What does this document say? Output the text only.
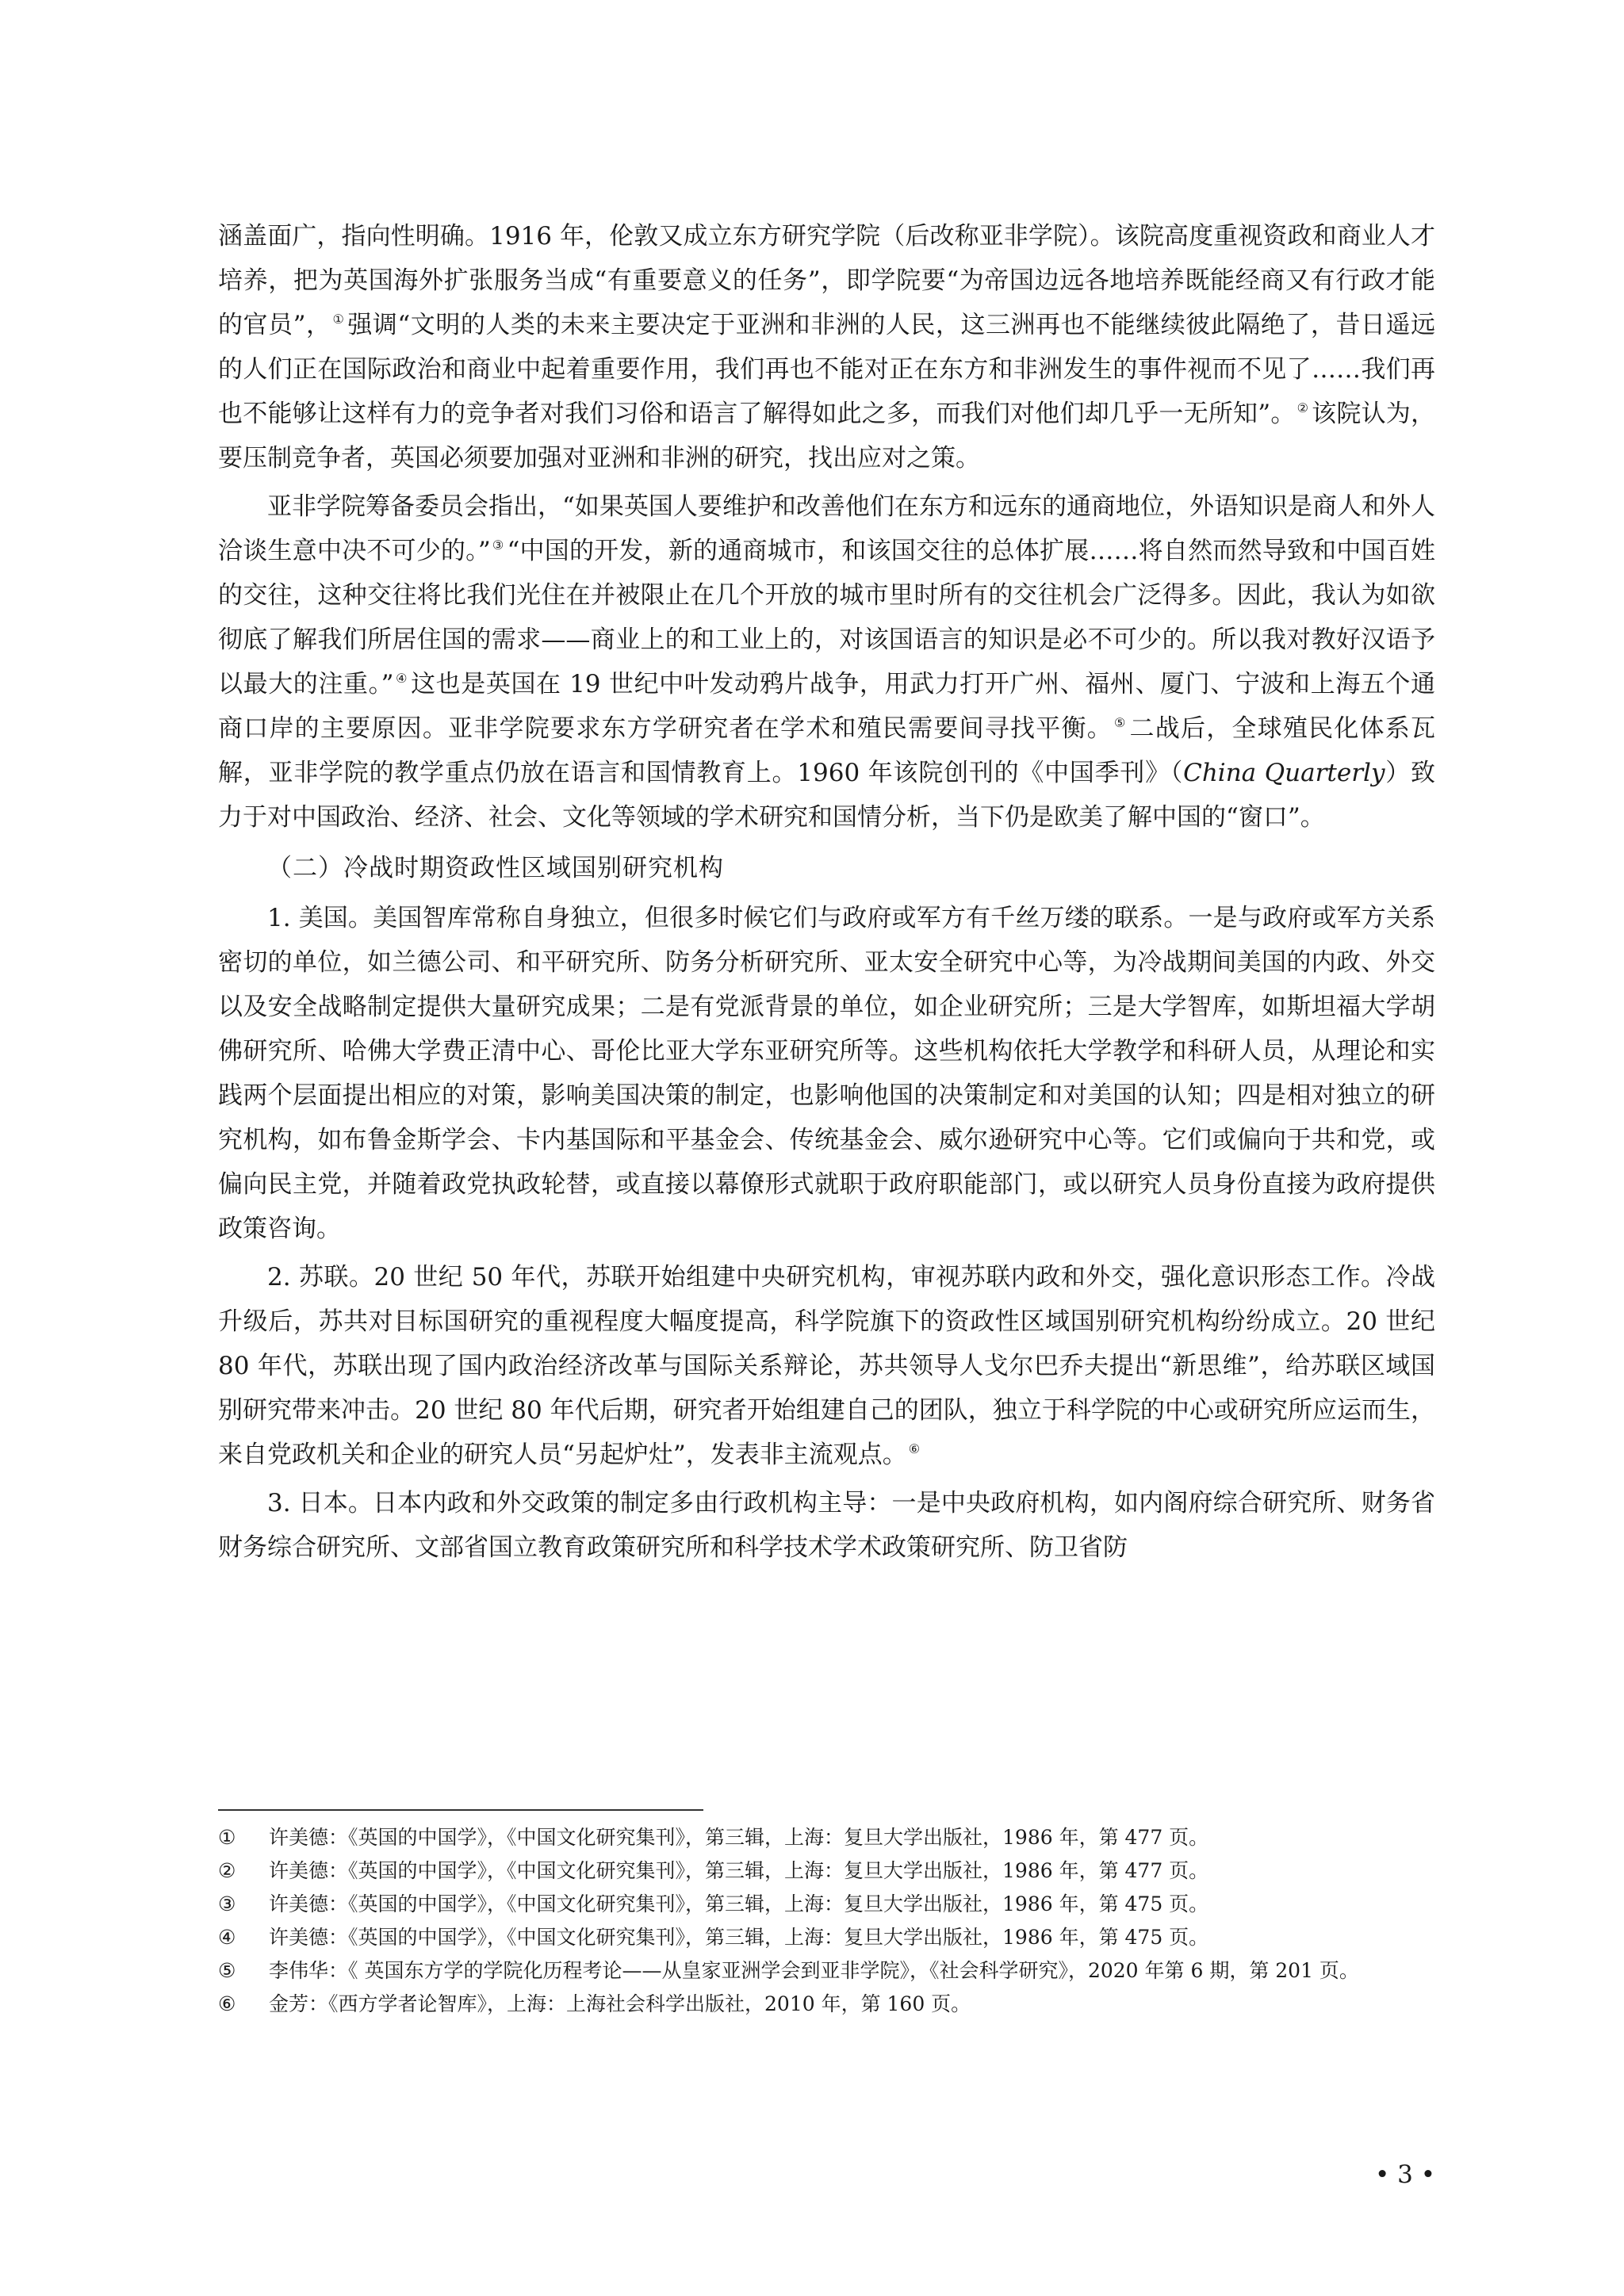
涵盖面广，指向性明确。1916 年，伦敦又成立东方研究学院（后改称亚非学院）。该院高度重视资政和商业人才培养，把为英国海外扩张服务当成“有重要意义的任务”，即学院要“为帝国边远各地培养既能经商又有行政才能的官员”， ① 强调“文明的人类的未来主要决定于亚洲和非洲的人民，这三洲再也不能继续彼此隔绝了，昔日遥远的人们正在国际政治和商业中起着重要作用，我们再也不能对正在东方和非洲发生的事件视而不见了……我们再也不能够让这样有力的竞争者对我们习俗和语言了解得如此之多，而我们对他们却几乎一无所知”。 ② 该院认为，要压制竞争者，英国必须要加强对亚洲和非洲的研究，找出应对之策。

亚非学院筹备委员会指出，“如果英国人要维护和改善他们在东方和远东的通商地位，外语知识是商人和外人洽谈生意中决不可少的。” ③ “中国的开发，新的通商城市，和该国交往的总体扩展……将自然而然导致和中国百姓的交往，这种交往将比我们光住在并被限止在几个开放的城市里时所有的交往机会广泛得多。因此，我认为如欲彻底了解我们所居住国的需求——商业上的和工业上的，对该国语言的知识是必不可少的。所以我对教好汉语予以最大的注重。” ④ 这也是英国在 19 世纪中叶发动鸦片战争，用武力打开广州、福州、厦门、宁波和上海五个通商口岸的主要原因。亚非学院要求东方学研究者在学术和殖民需要间寻找平衡。 ⑤ 二战后，全球殖民化体系瓦解，亚非学院的教学重点仍放在语言和国情教育上。1960 年该院创刊的《中国季刊》（China Quarterly）致力于对中国政治、经济、社会、文化等领域的学术研究和国情分析，当下仍是欧美了解中国的“窗口”。

（二）冷战时期资政性区域国别研究机构

1. 美国。美国智库常称自身独立，但很多时候它们与政府或军方有千丝万缕的联系。一是与政府或军方关系密切的单位，如兰德公司、和平研究所、防务分析研究所、亚太安全研究中心等，为冷战期间美国的内政、外交以及安全战略制定提供大量研究成果；二是有党派背景的单位，如企业研究所；三是大学智库，如斯坦福大学胡佛研究所、哈佛大学费正清中心、哥伦比亚大学东亚研究所等。这些机构依托大学教学和科研人员，从理论和实践两个层面提出相应的对策，影响美国决策的制定，也影响他国的决策制定和对美国的认知；四是相对独立的研究机构，如布鲁金斯学会、卡内基国际和平基金会、传统基金会、威尔逊研究中心等。它们或偏向于共和党，或偏向民主党，并随着政党执政轮替，或直接以幕僚形式就职于政府职能部门，或以研究人员身份直接为政府提供政策咨询。

2. 苏联。20 世纪 50 年代，苏联开始组建中央研究机构，审视苏联内政和外交，强化意识形态工作。冷战升级后，苏共对目标国研究的重视程度大幅度提高，科学院旗下的资政性区域国别研究机构纷纷成立。20 世纪 80 年代，苏联出现了国内政治经济改革与国际关系辩论，苏共领导人戈尔巴乔夫提出“新思维”，给苏联区域国别研究带来冲击。20 世纪 80 年代后期，研究者开始组建自己的团队，独立于科学院的中心或研究所应运而生，来自党政机关和企业的研究人员“另起炉灶”，发表非主流观点。 ⑥

3. 日本。日本内政和外交政策的制定多由行政机构主导：一是中央政府机构，如内阁府综合研究所、财务省财务综合研究所、文部省国立教育政策研究所和科学技术学术政策研究所、防卫省防

①	许美德：《英国的中国学》，《中国文化研究集刊》，第三辑，上海：复旦大学出版社，1986 年，第 477 页。
②	许美德：《英国的中国学》，《中国文化研究集刊》，第三辑，上海：复旦大学出版社，1986 年，第 477 页。
③	许美德：《英国的中国学》，《中国文化研究集刊》，第三辑，上海：复旦大学出版社，1986 年，第 475 页。
④	许美德：《英国的中国学》，《中国文化研究集刊》，第三辑，上海：复旦大学出版社，1986 年，第 475 页。
⑤	李伟华：《 英国东方学的学院化历程考论——从皇家亚洲学会到亚非学院》，《社会科学研究》，2020 年第 6 期，第 201 页。
⑥	金芳：《西方学者论智库》，上海：上海社会科学出版社，2010 年，第 160 页。
• 3 •
